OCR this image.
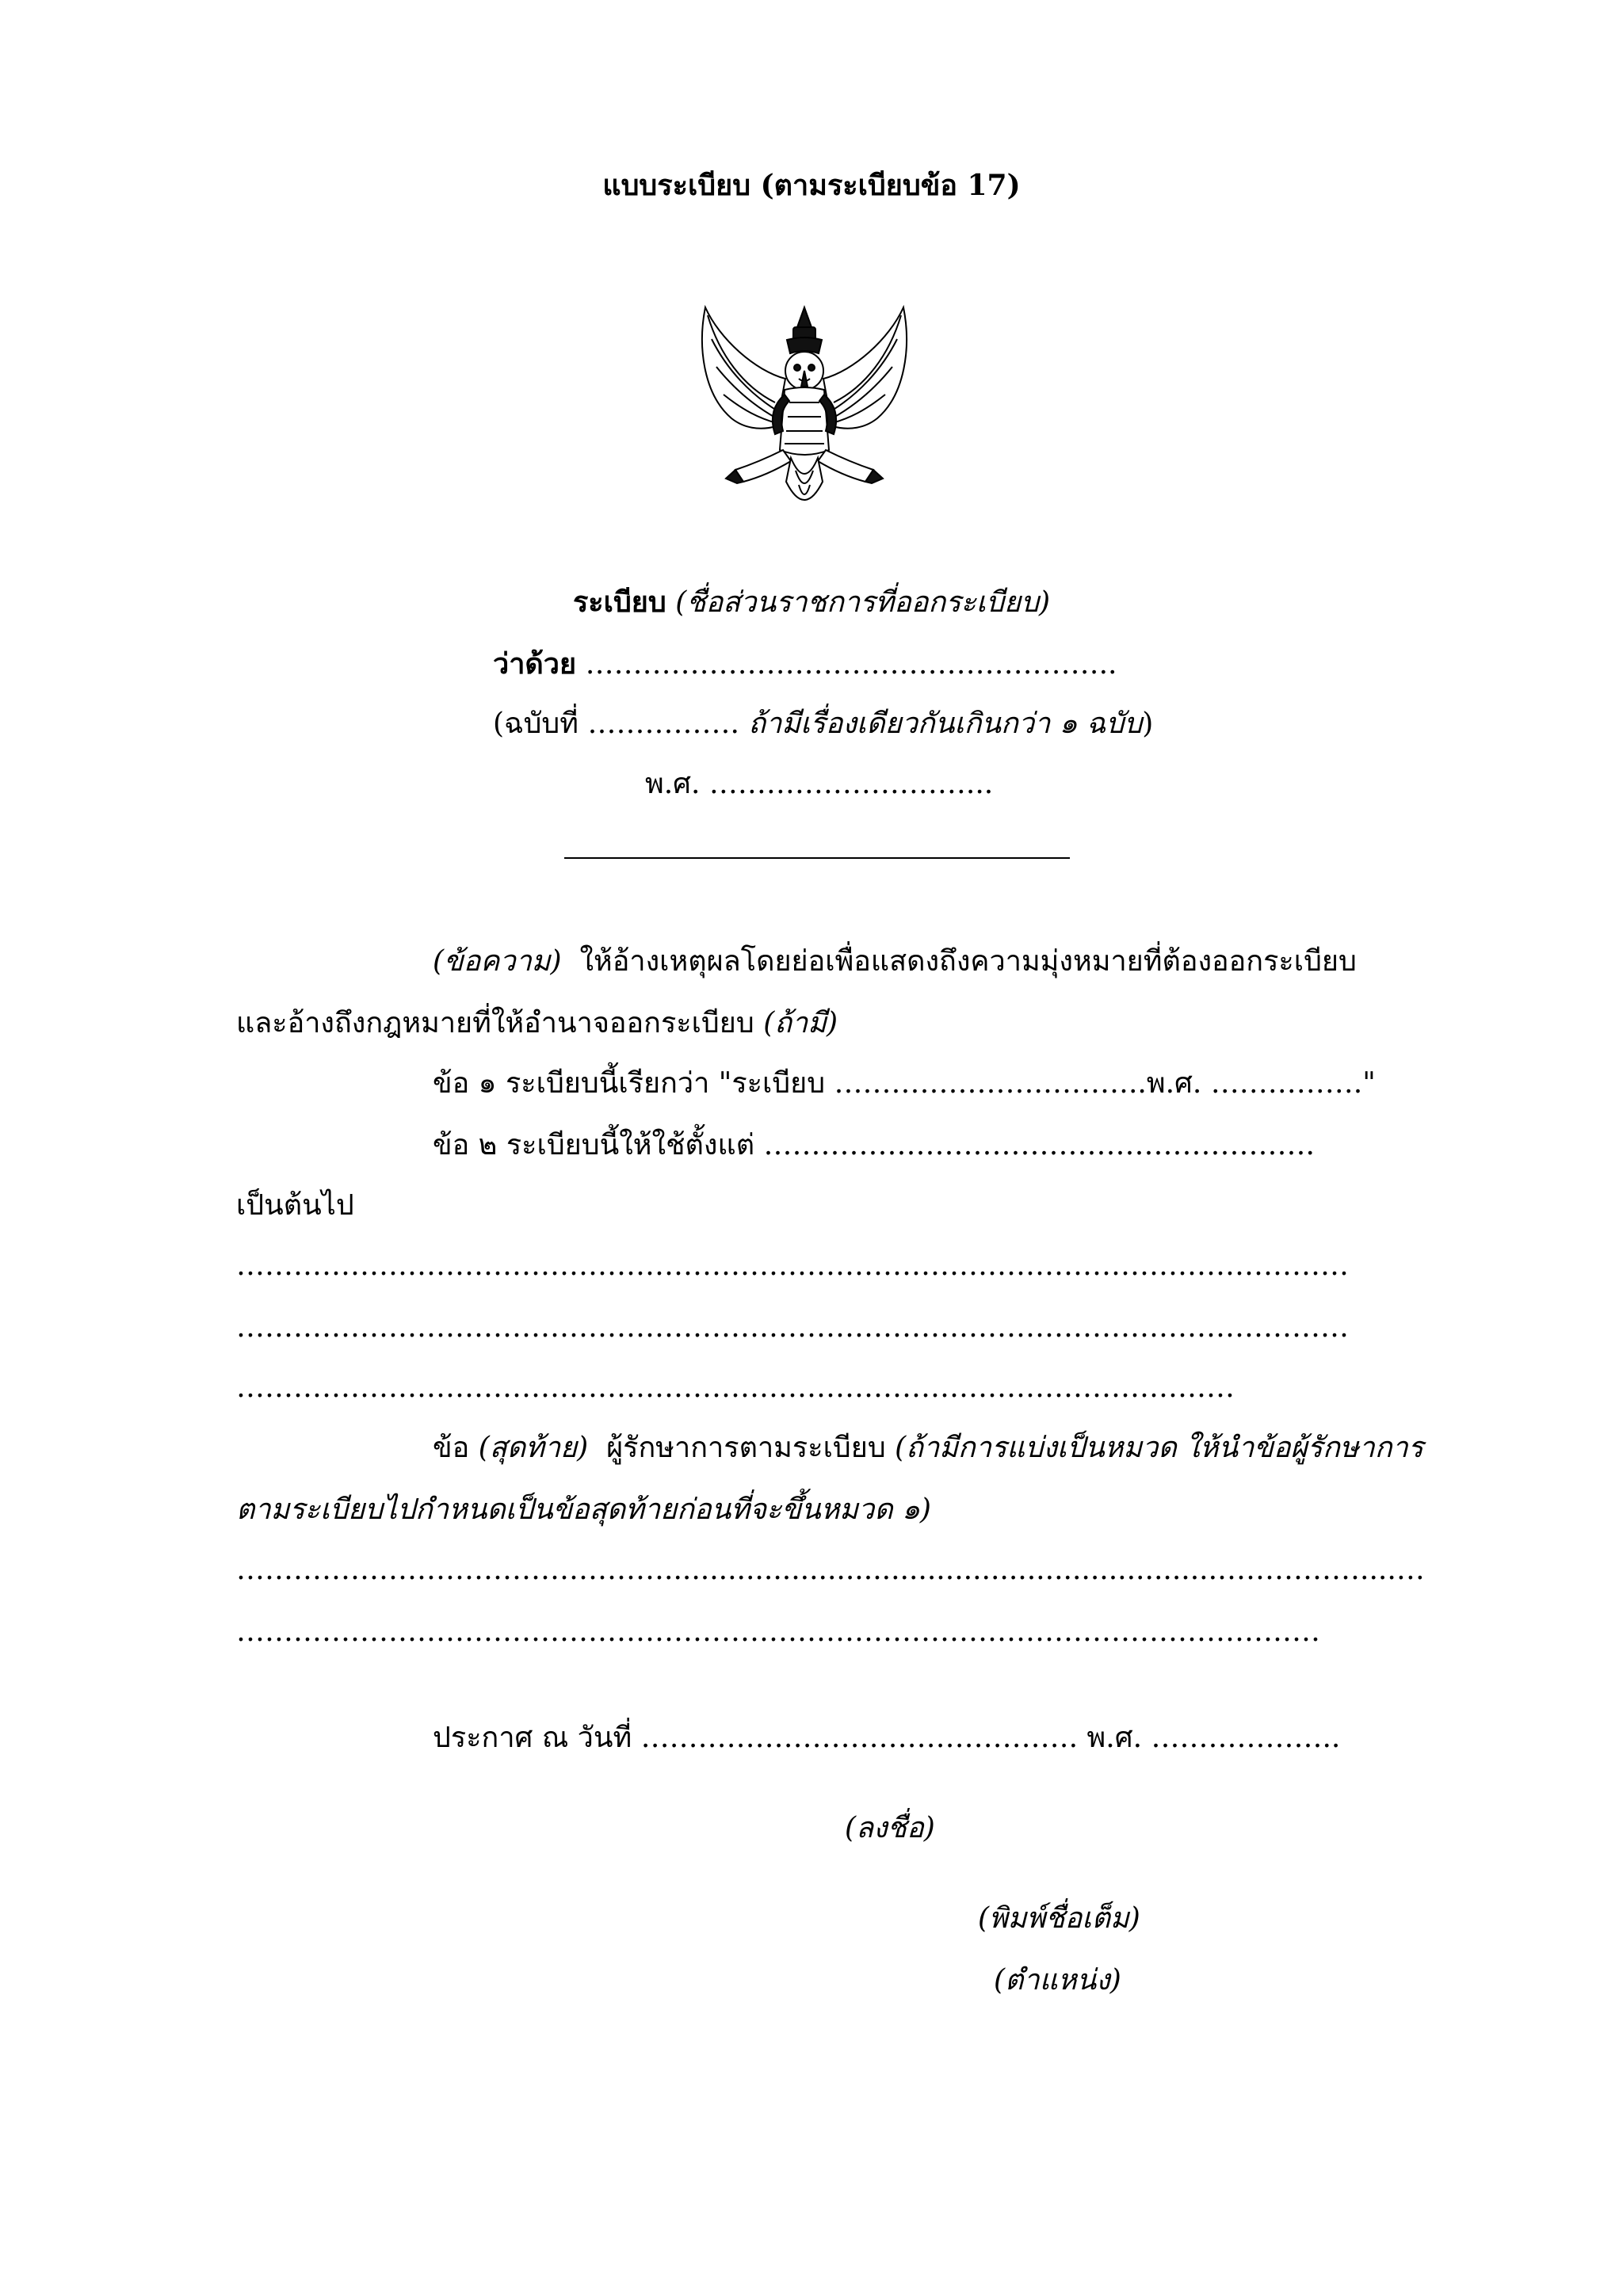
แบบระเบียบ (ตามระเบียบข้อ 17)
ระเบียบ (ชื่อส่วนราชการที่ออกระเบียบ)
ว่าด้วย ………………………………………………..
(ฉบับที่ ……………. ถ้ามีเรื่องเดียวกันเกินกว่า ๑ ฉบับ)
พ.ศ. ………………………...
(ข้อความ) ให้อ้างเหตุผลโดยย่อเพื่อแสดงถึงความมุ่งหมายที่ต้องออกระเบียบ
และอ้างถึงกฎหมายที่ให้อำนาจออกระเบียบ (ถ้ามี)
ข้อ ๑ ระเบียบนี้เรียกว่า "ระเบียบ ………………….………..พ.ศ. ……………."
ข้อ ๒ ระเบียบนี้ให้ใช้ตั้งแต่ ………………………………………………….
เป็นต้นไป
………………………………………………………………………………………………………
………………………………………………………………………………………………………
……………………………………………………………………………………………
ข้อ (สุดท้าย) ผู้รักษาการตามระเบียบ (ถ้ามีการแบ่งเป็นหมวด ให้นำข้อผู้รักษาการ
ตามระเบียบไปกำหนดเป็นข้อสุดท้ายก่อนที่จะขึ้นหมวด ๑)
……………………………………….............................................................……………....…
……………………………………………………………………………………………………
ประกาศ ณ วันที่ ………………………………………. พ.ศ. ………………..
(ลงชื่อ)
(พิมพ์ชื่อเต็ม)
(ตำแหน่ง)
